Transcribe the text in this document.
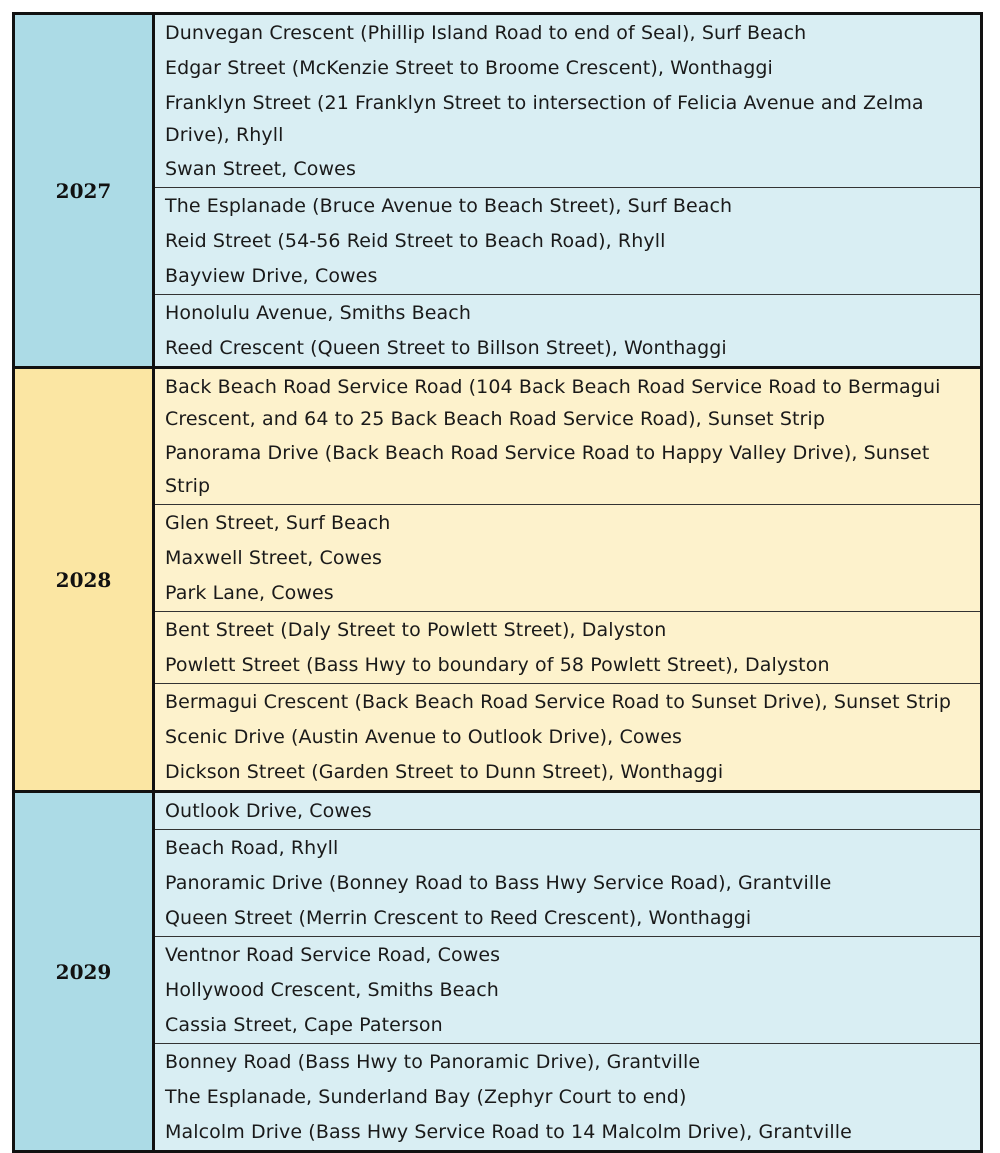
2027
Dunvegan Crescent (Phillip Island Road to end of Seal), Surf Beach
Edgar Street (McKenzie Street to Broome Crescent), Wonthaggi
Franklyn Street (21 Franklyn Street to intersection of Felicia Avenue and Zelma Drive), Rhyll
Swan Street, Cowes
The Esplanade (Bruce Avenue to Beach Street), Surf Beach
Reid Street (54-56 Reid Street to Beach Road), Rhyll
Bayview Drive, Cowes
Honolulu Avenue, Smiths Beach
Reed Crescent (Queen Street to Billson Street), Wonthaggi
2028
Back Beach Road Service Road (104 Back Beach Road Service Road to Bermagui Crescent, and 64 to 25 Back Beach Road Service Road), Sunset Strip
Panorama Drive (Back Beach Road Service Road to Happy Valley Drive), Sunset Strip
Glen Street, Surf Beach
Maxwell Street, Cowes
Park Lane, Cowes
Bent Street (Daly Street to Powlett Street), Dalyston
Powlett Street (Bass Hwy to boundary of 58 Powlett Street), Dalyston
Bermagui Crescent (Back Beach Road Service Road to Sunset Drive), Sunset Strip
Scenic Drive (Austin Avenue to Outlook Drive), Cowes
Dickson Street (Garden Street to Dunn Street), Wonthaggi
2029
Outlook Drive, Cowes
Beach Road, Rhyll
Panoramic Drive (Bonney Road to Bass Hwy Service Road), Grantville
Queen Street (Merrin Crescent to Reed Crescent), Wonthaggi
Ventnor Road Service Road, Cowes
Hollywood Crescent, Smiths Beach
Cassia Street, Cape Paterson
Bonney Road (Bass Hwy to Panoramic Drive), Grantville
The Esplanade, Sunderland Bay (Zephyr Court to end)
Malcolm Drive (Bass Hwy Service Road to 14 Malcolm Drive), Grantville
